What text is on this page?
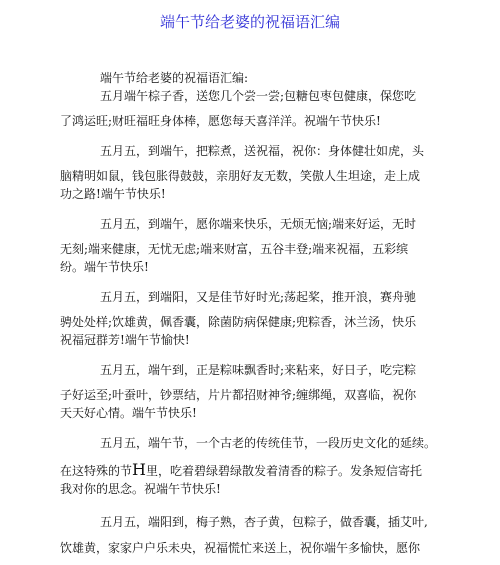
端午节给老婆的祝福语汇编
端午节给老婆的祝福语汇编:
五月端午棕子香，送您几个尝一尝;包糖包枣包健康，保您吃
了鸿运旺;财旺福旺身体棒，愿您每天喜洋洋。祝端午节快乐!
五月五，到端午，把粽煮，送祝福，祝你：身体健壮如虎，头
脑精明如鼠，钱包胀得鼓鼓，亲朋好友无数，笑傲人生坦途，走上成
功之路!端午节快乐!
五月五，到端午，愿你端来快乐，无烦无恼;端来好运，无时
无刻;端来健康，无忧无虑;端来财富，五谷丰登;端来祝福，五彩缤
纷。端午节快乐!
五月五，到端阳，又是佳节好时光;荡起桨，推开浪，赛舟驰
骋处处样;饮雄黄，佩香囊，除菌防病保健康;兜粽香，沐兰汤，快乐
祝福冠群芳!端午节愉快!
五月五，端午到，正是粽味飘香时;来粘来，好日子，吃完粽
子好运至;叶蚕叶，钞票结，片片都招财神爷;缠绑绳，双喜临，祝你
天天好心情。端午节快乐!
五月五，端午节，一个古老的传统佳节，一段历史文化的延续。
在这特殊的节H里，吃着碧绿碧绿散发着清香的粽子。发条短信寄托
我对你的思念。祝端午节快乐!
五月五，端阳到，梅子熟，杏子黄，包粽子，做香囊，插艾叶,
饮雄黄，家家户户乐未央，祝福慌忙来送上，祝你端午多愉快，愿你
